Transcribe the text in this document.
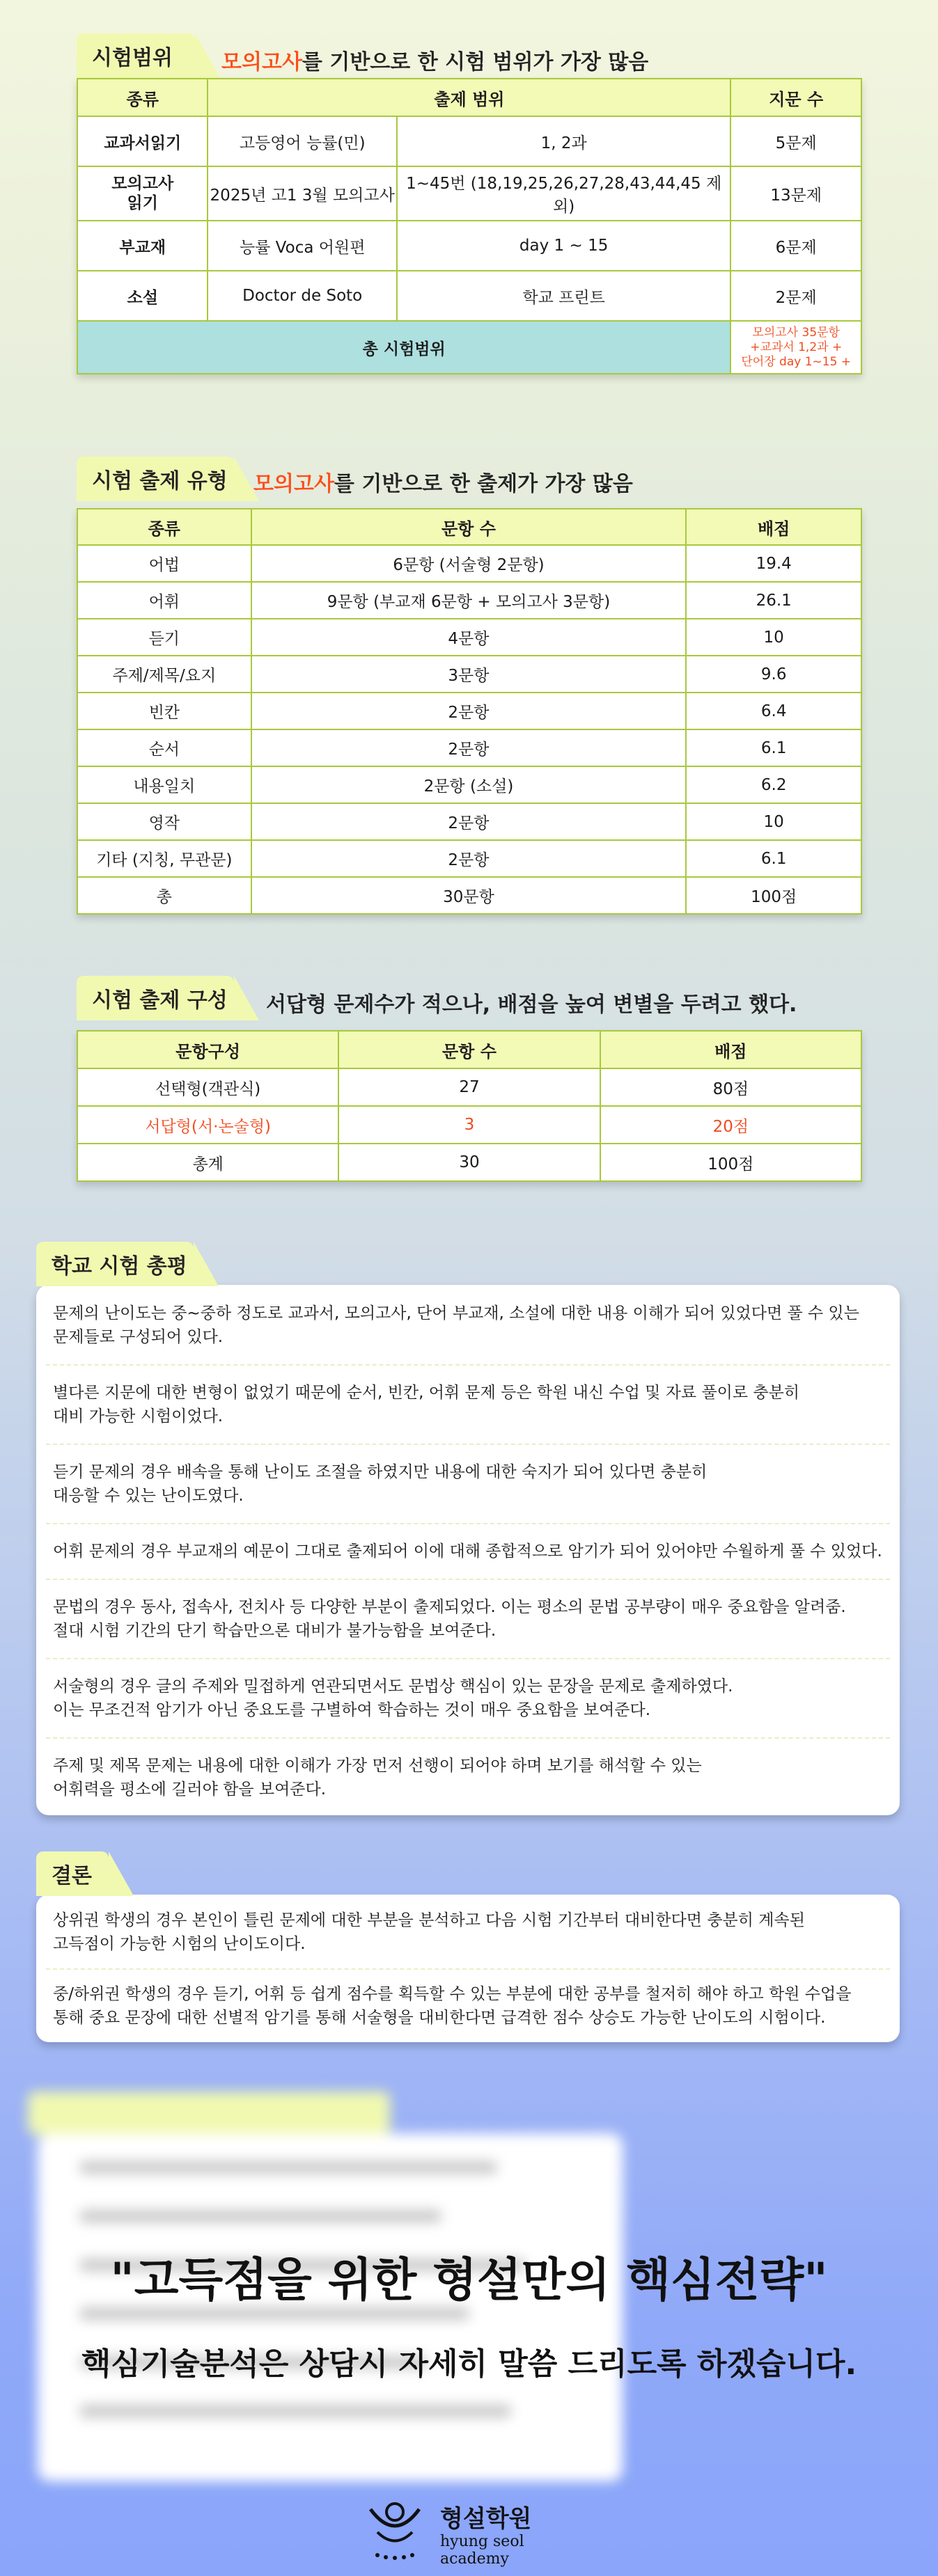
시험범위 모의고사를 기반으로 한 시험 범위가 가장 많음
종류	출제 범위		지문 수
교과서읽기	고등영어 능률(민)	1, 2과	5문제
모의고사
읽기	2025년 고1 3월 모의고사	1~45번 (18,19,25,26,27,28,43,44,45 제외)	13문제
부교재	능률 Voca 어원편	day 1 ~ 15	6문제
소설	Doctor de Soto	학교 프린트	2문제
총 시험범위			모의고사 35문항
+교과서 1,2과 +
단어장 day 1~15 +
시험 출제 유형 모의고사를 기반으로 한 출제가 가장 많음
종류	문항 수	배점
어법	6문항 (서술형 2문항)	19.4
어휘	9문항 (부교재 6문항 + 모의고사 3문항)	26.1
듣기	4문항	10
주제/제목/요지	3문항	9.6
빈칸	2문항	6.4
순서	2문항	6.1
내용일치	2문항 (소설)	6.2
영작	2문항	10
기타 (지칭, 무관문)	2문항	6.1
총	30문항	100점
시험 출제 구성 서답형 문제수가 적으나, 배점을 높여 변별을 두려고 했다.
문항구성	문항 수	배점
선택형(객관식)	27	80점
서답형(서·논술형)	3	20점
총계	30	100점
학교 시험 총평
문제의 난이도는 중~중하 정도로 교과서, 모의고사, 단어 부교재, 소설에 대한 내용 이해가 되어 있었다면 풀 수 있는
문제들로 구성되어 있다.
별다른 지문에 대한 변형이 없었기 때문에 순서, 빈칸, 어휘 문제 등은 학원 내신 수업 및 자료 풀이로 충분히
대비 가능한 시험이었다.
듣기 문제의 경우 배속을 통해 난이도 조절을 하였지만 내용에 대한 숙지가 되어 있다면 충분히
대응할 수 있는 난이도였다.
어휘 문제의 경우 부교재의 예문이 그대로 출제되어 이에 대해 종합적으로 암기가 되어 있어야만 수월하게 풀 수 있었다.
문법의 경우 동사, 접속사, 전치사 등 다양한 부분이 출제되었다. 이는 평소의 문법 공부량이 매우 중요함을 알려줌.
절대 시험 기간의 단기 학습만으론 대비가 불가능함을 보여준다.
서술형의 경우 글의 주제와 밀접하게 연관되면서도 문법상 핵심이 있는 문장을 문제로 출제하였다.
이는 무조건적 암기가 아닌 중요도를 구별하여 학습하는 것이 매우 중요함을 보여준다.
주제 및 제목 문제는 내용에 대한 이해가 가장 먼저 선행이 되어야 하며 보기를 해석할 수 있는
어휘력을 평소에 길러야 함을 보여준다.
결론
상위권 학생의 경우 본인이 틀린 문제에 대한 부분을 분석하고 다음 시험 기간부터 대비한다면 충분히 계속된
고득점이 가능한 시험의 난이도이다.
중/하위권 학생의 경우 듣기, 어휘 등 쉽게 점수를 획득할 수 있는 부분에 대한 공부를 철저히 해야 하고 학원 수업을
통해 중요 문장에 대한 선별적 암기를 통해 서술형을 대비한다면 급격한 점수 상승도 가능한 난이도의 시험이다.
"고득점을 위한 형설만의 핵심전략"
핵심기술분석은 상담시 자세히 말씀 드리도록 하겠습니다.
형설학원
hyung seol academy
